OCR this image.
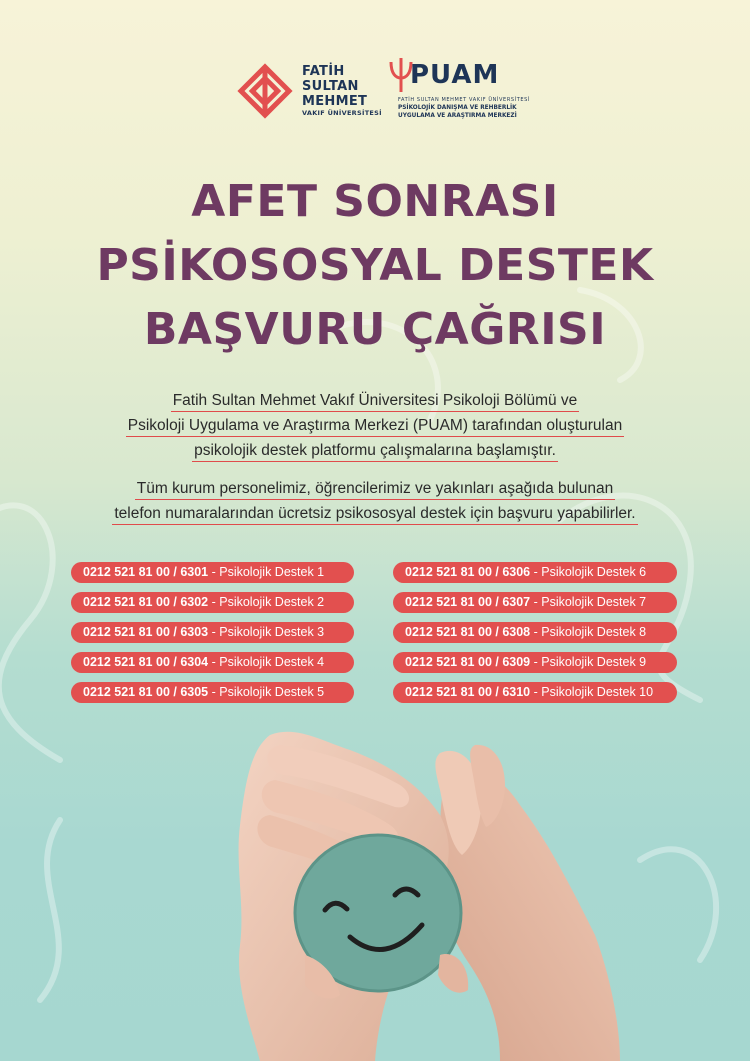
FATİH
SULTAN
MEHMET
VAKIF ÜNİVERSİTESİ
PUAM
FATİH SULTAN MEHMET VAKIF ÜNİVERSİTESİ
PSİKOLOJİK DANIŞMA VE REHBERLİK
UYGULAMA VE ARAŞTIRMA MERKEZİ
AFET SONRASI
PSİKOSOSYAL DESTEK
BAŞVURU ÇAĞRISI
Fatih Sultan Mehmet Vakıf Üniversitesi Psikoloji Bölümü ve
Psikoloji Uygulama ve Araştırma Merkezi (PUAM) tarafından oluşturulan
psikolojik destek platformu çalışmalarına başlamıştır.
Tüm kurum personelimiz, öğrencilerimiz ve yakınları aşağıda bulunan
telefon numaralarından ücretsiz psikososyal destek için başvuru yapabilirler.
0212 521 81 00 / 6301 - Psikolojik Destek 1
0212 521 81 00 / 6302 - Psikolojik Destek 2
0212 521 81 00 / 6303 - Psikolojik Destek 3
0212 521 81 00 / 6304 - Psikolojik Destek 4
0212 521 81 00 / 6305 - Psikolojik Destek 5
0212 521 81 00 / 6306 - Psikolojik Destek 6
0212 521 81 00 / 6307 - Psikolojik Destek 7
0212 521 81 00 / 6308 - Psikolojik Destek 8
0212 521 81 00 / 6309 - Psikolojik Destek 9
0212 521 81 00 / 6310 - Psikolojik Destek 10
